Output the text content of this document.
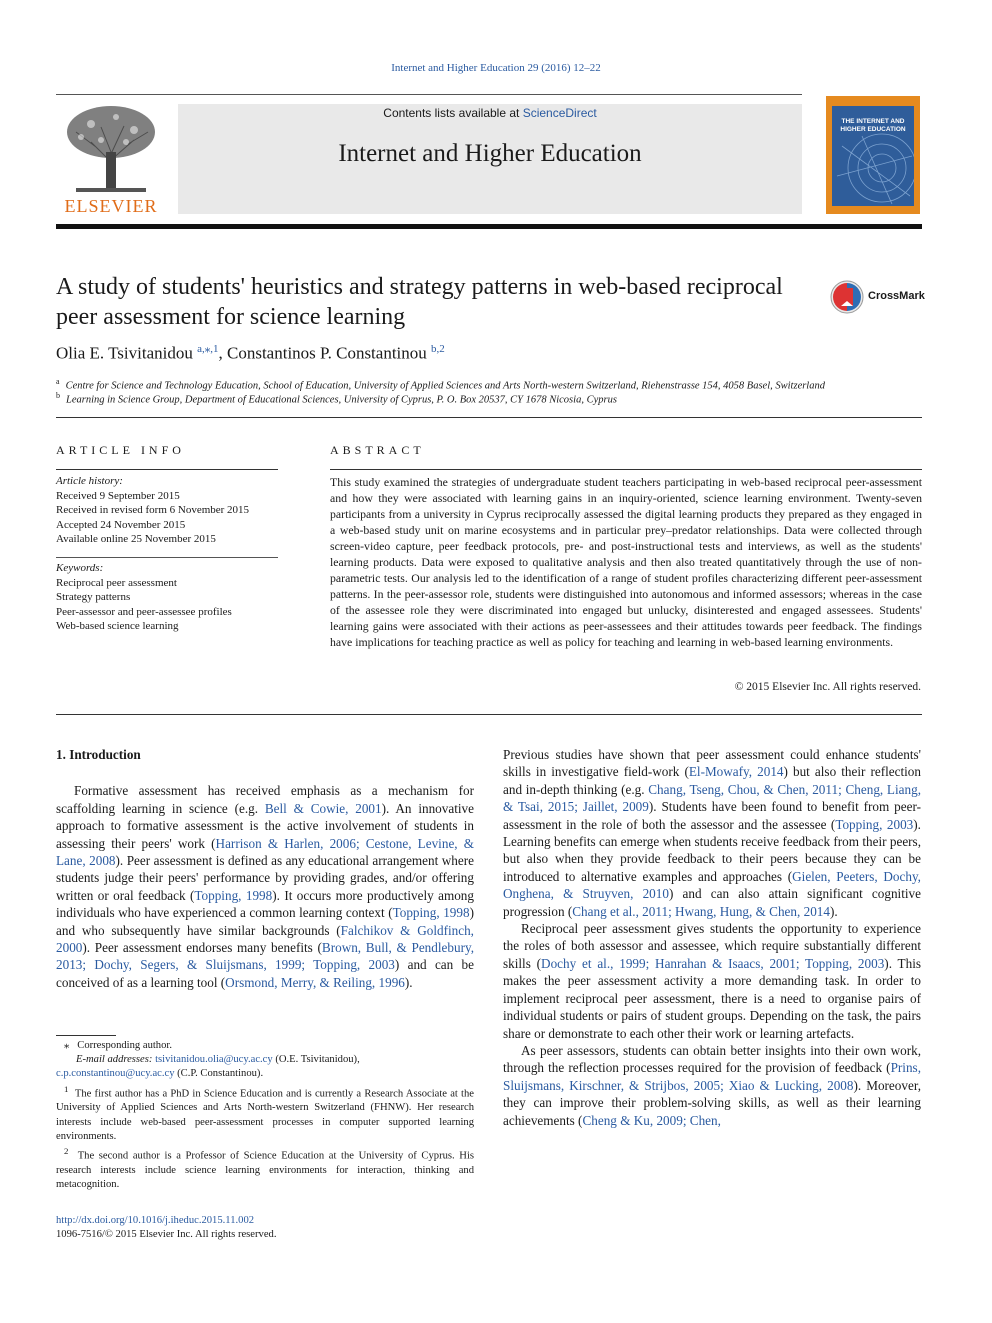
Internet and Higher Education 29 (2016) 12–22
ELSEVIER
Contents lists available at ScienceDirect
Internet and Higher Education
THE INTERNET AND HIGHER EDUCATION
A study of students' heuristics and strategy patterns in web-based reciprocal peer assessment for science learning
CrossMark
Olia E. Tsivitanidou $^{a,⁎,1}$, Constantinos P. Constantinou $^{b,2}$
$^a$ Centre for Science and Technology Education, School of Education, University of Applied Sciences and Arts North-western Switzerland, Riehenstrasse 154, 4058 Basel, Switzerland
$^b$ Learning in Science Group, Department of Educational Sciences, University of Cyprus, P. O. Box 20537, CY 1678 Nicosia, Cyprus
ARTICLE INFO	ABSTRACT
Article history:
Received 9 September 2015
Received in revised form 6 November 2015
Accepted 24 November 2015
Available online 25 November 2015
Keywords:
Reciprocal peer assessment
Strategy patterns
Peer-assessor and peer-assessee profiles
Web-based science learning
This study examined the strategies of undergraduate student teachers participating in web-based reciprocal peer-assessment and how they were associated with learning gains in an inquiry-oriented, science learning environment. Twenty-seven participants from a university in Cyprus reciprocally assessed the digital learning products they prepared as they engaged in a web-based study unit on marine ecosystems and in particular prey–predator relationships. Data were collected through screen-video capture, peer feedback protocols, pre- and post-instructional tests and interviews, as well as the students' learning products. Data were exposed to qualitative analysis and then also treated quantitatively through the use of non-parametric tests. Our analysis led to the identification of a range of student profiles characterizing different peer-assessment patterns. In the peer-assessor role, students were distinguished into autonomous and informed assessors; whereas in the case of the assessee role they were discriminated into engaged but unlucky, disinterested and engaged assessees. Students' learning gains were associated with their actions as peer-assessees and their attitudes towards peer feedback. The findings have implications for teaching practice as well as policy for teaching and learning in web-based learning environments.
© 2015 Elsevier Inc. All rights reserved.

1. Introduction

Formative assessment has received emphasis as a mechanism for scaffolding learning in science (e.g. Bell & Cowie, 2001). An innovative approach to formative assessment is the active involvement of students in assessing their peers' work (Harrison & Harlen, 2006; Cestone, Levine, & Lane, 2008). Peer assessment is defined as any educational arrangement where students judge their peers' performance by providing grades, and/or offering written or oral feedback (Topping, 1998). It occurs more productively among individuals who have experienced a common learning context (Topping, 1998) and who subsequently have similar backgrounds (Falchikov & Goldfinch, 2000). Peer assessment endorses many benefits (Brown, Bull, & Pendlebury, 2013; Dochy, Segers, & Sluijsmans, 1999; Topping, 2003) and can be conceived of as a learning tool (Orsmond, Merry, & Reiling, 1996).

Previous studies have shown that peer assessment could enhance students' skills in investigative field-work (El-Mowafy, 2014) but also their reflection and in-depth thinking (e.g. Chang, Tseng, Chou, & Chen, 2011; Cheng, Liang, & Tsai, 2015; Jaillet, 2009). Students have been found to benefit from peer-assessment in the role of both the assessor and the assessee (Topping, 2003). Learning benefits can emerge when students receive feedback from their peers, but also when they provide feedback to their peers because they can be introduced to alternative examples and approaches (Gielen, Peeters, Dochy, Onghena, & Struyven, 2010) and can also attain significant cognitive progression (Chang et al., 2011; Hwang, Hung, & Chen, 2014).

Reciprocal peer assessment gives students the opportunity to experience the roles of both assessor and assessee, which require substantially different skills (Dochy et al., 1999; Hanrahan & Isaacs, 2001; Topping, 2003). This makes the peer assessment activity a more demanding task. In order to implement reciprocal peer assessment, there is a need to organise pairs of individual students or pairs of student groups. Depending on the task, the pairs share or demonstrate to each other their work or learning artefacts.

As peer assessors, students can obtain better insights into their own work, through the reflection processes required for the provision of feedback (Prins, Sluijsmans, Kirschner, & Strijbos, 2005; Xiao & Lucking, 2008). Moreover, they can improve their problem-solving skills, as well as their learning achievements (Cheng & Ku, 2009; Chen,

⁎ Corresponding author.

E-mail addresses: tsivitanidou.olia@ucy.ac.cy (O.E. Tsivitanidou),

c.p.constantinou@ucy.ac.cy (C.P. Constantinou).

$^1$ The first author has a PhD in Science Education and is currently a Research Associate at the University of Applied Sciences and Arts North-western Switzerland (FHNW). Her research interests include web-based peer-assessment processes in computer supported learning environments.

$^2$ The second author is a Professor of Science Education at the University of Cyprus. His research interests include science learning environments for interaction, thinking and metacognition.

http://dx.doi.org/10.1016/j.iheduc.2015.11.002
1096-7516/© 2015 Elsevier Inc. All rights reserved.
